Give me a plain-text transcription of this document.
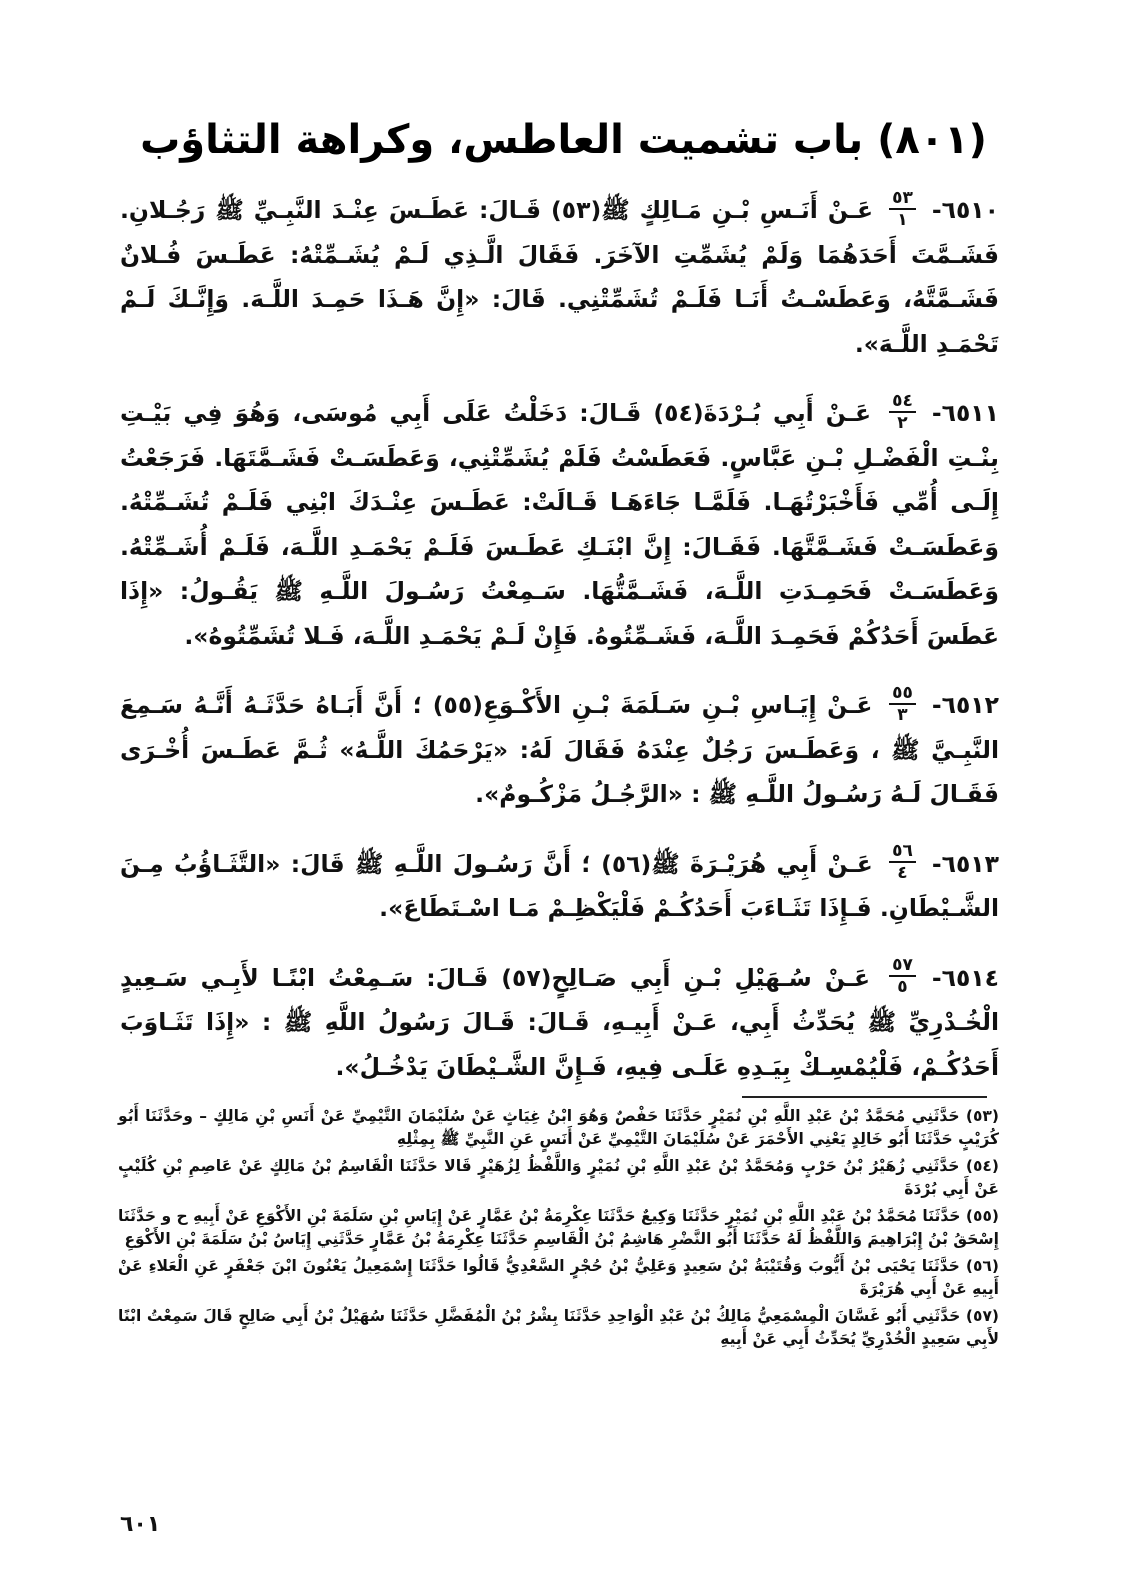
(٨٠١) باب تشميت العاطس، وكراهة التثاؤب

٦٥١٠-
$\frac{٥٣}{١}$
عَـنْ أَنَـسِ بْـنِ مَـالِكٍ ﷺ(٥٣) قَـالَ: عَطَـسَ عِنْـدَ النَّبِـيِّ ﷺ رَجُـلانِ. فَشَـمَّتَ أَحَدَهُمَا وَلَمْ يُشَمِّتِ الآخَرَ. فَقَالَ الَّـذِي لَـمْ يُشَـمِّتْهُ: عَطَـسَ فُـلانٌ فَشَـمَّتَّهُ، وَعَطَسْـتُ أَنَـا فَلَـمْ تُشَمِّتْنِي. قَالَ: «إِنَّ هَـذَا حَمِـدَ اللَّـهَ. وَإِنَّـكَ لَـمْ تَحْمَـدِ اللَّـهَ».

٦٥١١-
$\frac{٥٤}{٢}$
عَـنْ أَبِي بُـرْدَةَ(٥٤) قَـالَ: دَخَلْتُ عَلَى أَبِي مُوسَى، وَهُوَ فِي بَيْـتِ بِنْـتِ الْفَضْـلِ بْـنِ عَبَّاسٍ. فَعَطَسْتُ فَلَمْ يُشَمِّتْنِي، وَعَطَسَـتْ فَشَـمَّتَهَا. فَرَجَعْتُ إِلَـى أُمِّي فَأَخْبَرْتُهَـا. فَلَمَّـا جَاءَهَـا قَـالَتْ: عَطَـسَ عِنْـدَكَ ابْنِي فَلَـمْ تُشَـمِّتْهُ. وَعَطَسَـتْ فَشَـمَّتَّهَا. فَقَـالَ: إِنَّ ابْنَـكِ عَطَـسَ فَلَـمْ يَحْمَـدِ اللَّـهَ، فَلَـمْ أُشَـمِّتْهُ. وَعَطَسَـتْ فَحَمِـدَتِ اللَّـهَ، فَشَـمَّتُّهَا. سَـمِعْتُ رَسُـولَ اللَّـهِ ﷺ يَقُـولُ: «إِذَا عَطَسَ أَحَدُكُمْ فَحَمِـدَ اللَّـهَ، فَشَـمِّتُوهُ. فَإِنْ لَـمْ يَحْمَـدِ اللَّـهَ، فَـلا تُشَمِّتُوهُ».

٦٥١٢-
$\frac{٥٥}{٣}$
عَـنْ إِيَـاسِ بْـنِ سَـلَمَةَ بْـنِ الأَكْـوَعِ(٥٥) ؛ أَنَّ أَبَـاهُ حَدَّثَـهُ أَنَّـهُ سَـمِعَ النَّبِـيَّ ﷺ ، وَعَطَـسَ رَجُلٌ عِنْدَهُ فَقَالَ لَهُ: «يَرْحَمُكَ اللَّـهُ» ثُـمَّ عَطَـسَ أُخْـرَى فَقَـالَ لَـهُ رَسُـولُ اللَّـهِ ﷺ : «الرَّجُـلُ مَزْكُـومٌ».

٦٥١٣-
$\frac{٥٦}{٤}$
عَـنْ أَبِي هُرَيْـرَةَ ﷺ(٥٦) ؛ أَنَّ رَسُـولَ اللَّـهِ ﷺ قَالَ: «التَّثَـاؤُبُ مِـنَ الشَّـيْطَانِ. فَـإِذَا تَثَـاءَبَ أَحَدُكُـمْ فَلْيَكْظِـمْ مَـا اسْـتَطَاعَ».

٦٥١٤-
$\frac{٥٧}{٥}$
عَـنْ سُـهَيْلِ بْـنِ أَبِي صَـالِحٍ(٥٧) قَـالَ: سَـمِعْتُ ابْنًـا لأَبِـي سَـعِيدٍ الْخُـدْرِيِّ ﷺ يُحَدِّثُ أَبِي، عَـنْ أَبِيـهِ، قَـالَ: قَـالَ رَسُولُ اللَّهِ ﷺ : «إِذَا تَثَـاوَبَ أَحَدُكُـمْ، فَلْيُمْسِـكْ بِيَـدِهِ عَلَـى فِيهِ، فَـإِنَّ الشَّـيْطَانَ يَدْخُـلُ».

(٥٣) حَدَّثَنِي مُحَمَّدُ بْنُ عَبْدِ اللَّهِ بْنِ نُمَيْرٍ حَدَّثَنَا حَفْصٌ وَهُوَ ابْنُ غِيَاثٍ عَنْ سُلَيْمَانَ التَّيْمِيِّ عَنْ أَنَسِ بْنِ مَالِكٍ – وحَدَّثَنَا أَبُو كُرَيْبٍ حَدَّثَنَا أَبُو خَالِدٍ يَعْنِي الأَحْمَرَ عَنْ سُلَيْمَانَ التَّيْمِيِّ عَنْ أَنَسٍ عَنِ النَّبِيِّ ﷺ بِمِثْلِهِ

(٥٤) حَدَّثَنِي زُهَيْرُ بْنُ حَرْبٍ وَمُحَمَّدُ بْنُ عَبْدِ اللَّهِ بْنِ نُمَيْرٍ وَاللَّفْظُ لِزُهَيْرٍ قَالا حَدَّثَنَا الْقَاسِمُ بْنُ مَالِكٍ عَنْ عَاصِمِ بْنِ كُلَيْبٍ عَنْ أَبِي بُرْدَةَ

(٥٥) حَدَّثَنَا مُحَمَّدُ بْنُ عَبْدِ اللَّهِ بْنِ نُمَيْرٍ حَدَّثَنَا وَكِيعٌ حَدَّثَنَا عِكْرِمَةُ بْنُ عَمَّارٍ عَنْ إِيَاسِ بْنِ سَلَمَةَ بْنِ الأَكْوَعِ عَنْ أَبِيهِ ح و حَدَّثَنَا إِسْحَقُ بْنُ إِبْرَاهِيمَ وَاللَّفْظُ لَهُ حَدَّثَنَا أَبُو النَّضْرِ هَاشِمُ بْنُ الْقَاسِمِ حَدَّثَنَا عِكْرِمَةُ بْنُ عَمَّارٍ حَدَّثَنِي إِيَاسُ بْنُ سَلَمَةَ بْنِ الأَكْوَعِ

(٥٦) حَدَّثَنَا يَحْيَى بْنُ أَيُّوبَ وَقُتَيْبَةُ بْنُ سَعِيدٍ وَعَلِيُّ بْنُ حُجْرٍ السَّعْدِيُّ قَالُوا حَدَّثَنَا إِسْمَعِيلُ يَعْنُونَ ابْنَ جَعْفَرٍ عَنِ الْعَلاءِ عَنْ أَبِيهِ عَنْ أَبِي هُرَيْرَةَ

(٥٧) حَدَّثَنِي أَبُو غَسَّانَ الْمِسْمَعِيُّ مَالِكُ بْنُ عَبْدِ الْوَاحِدِ حَدَّثَنَا بِشْرُ بْنُ الْمُفَضَّلِ حَدَّثَنَا سُهَيْلُ بْنُ أَبِي صَالِحٍ قَالَ سَمِعْتُ ابْنًا لأَبِي سَعِيدٍ الْخُدْرِيِّ يُحَدِّثُ أَبِي عَنْ أَبِيهِ

٦٠١
